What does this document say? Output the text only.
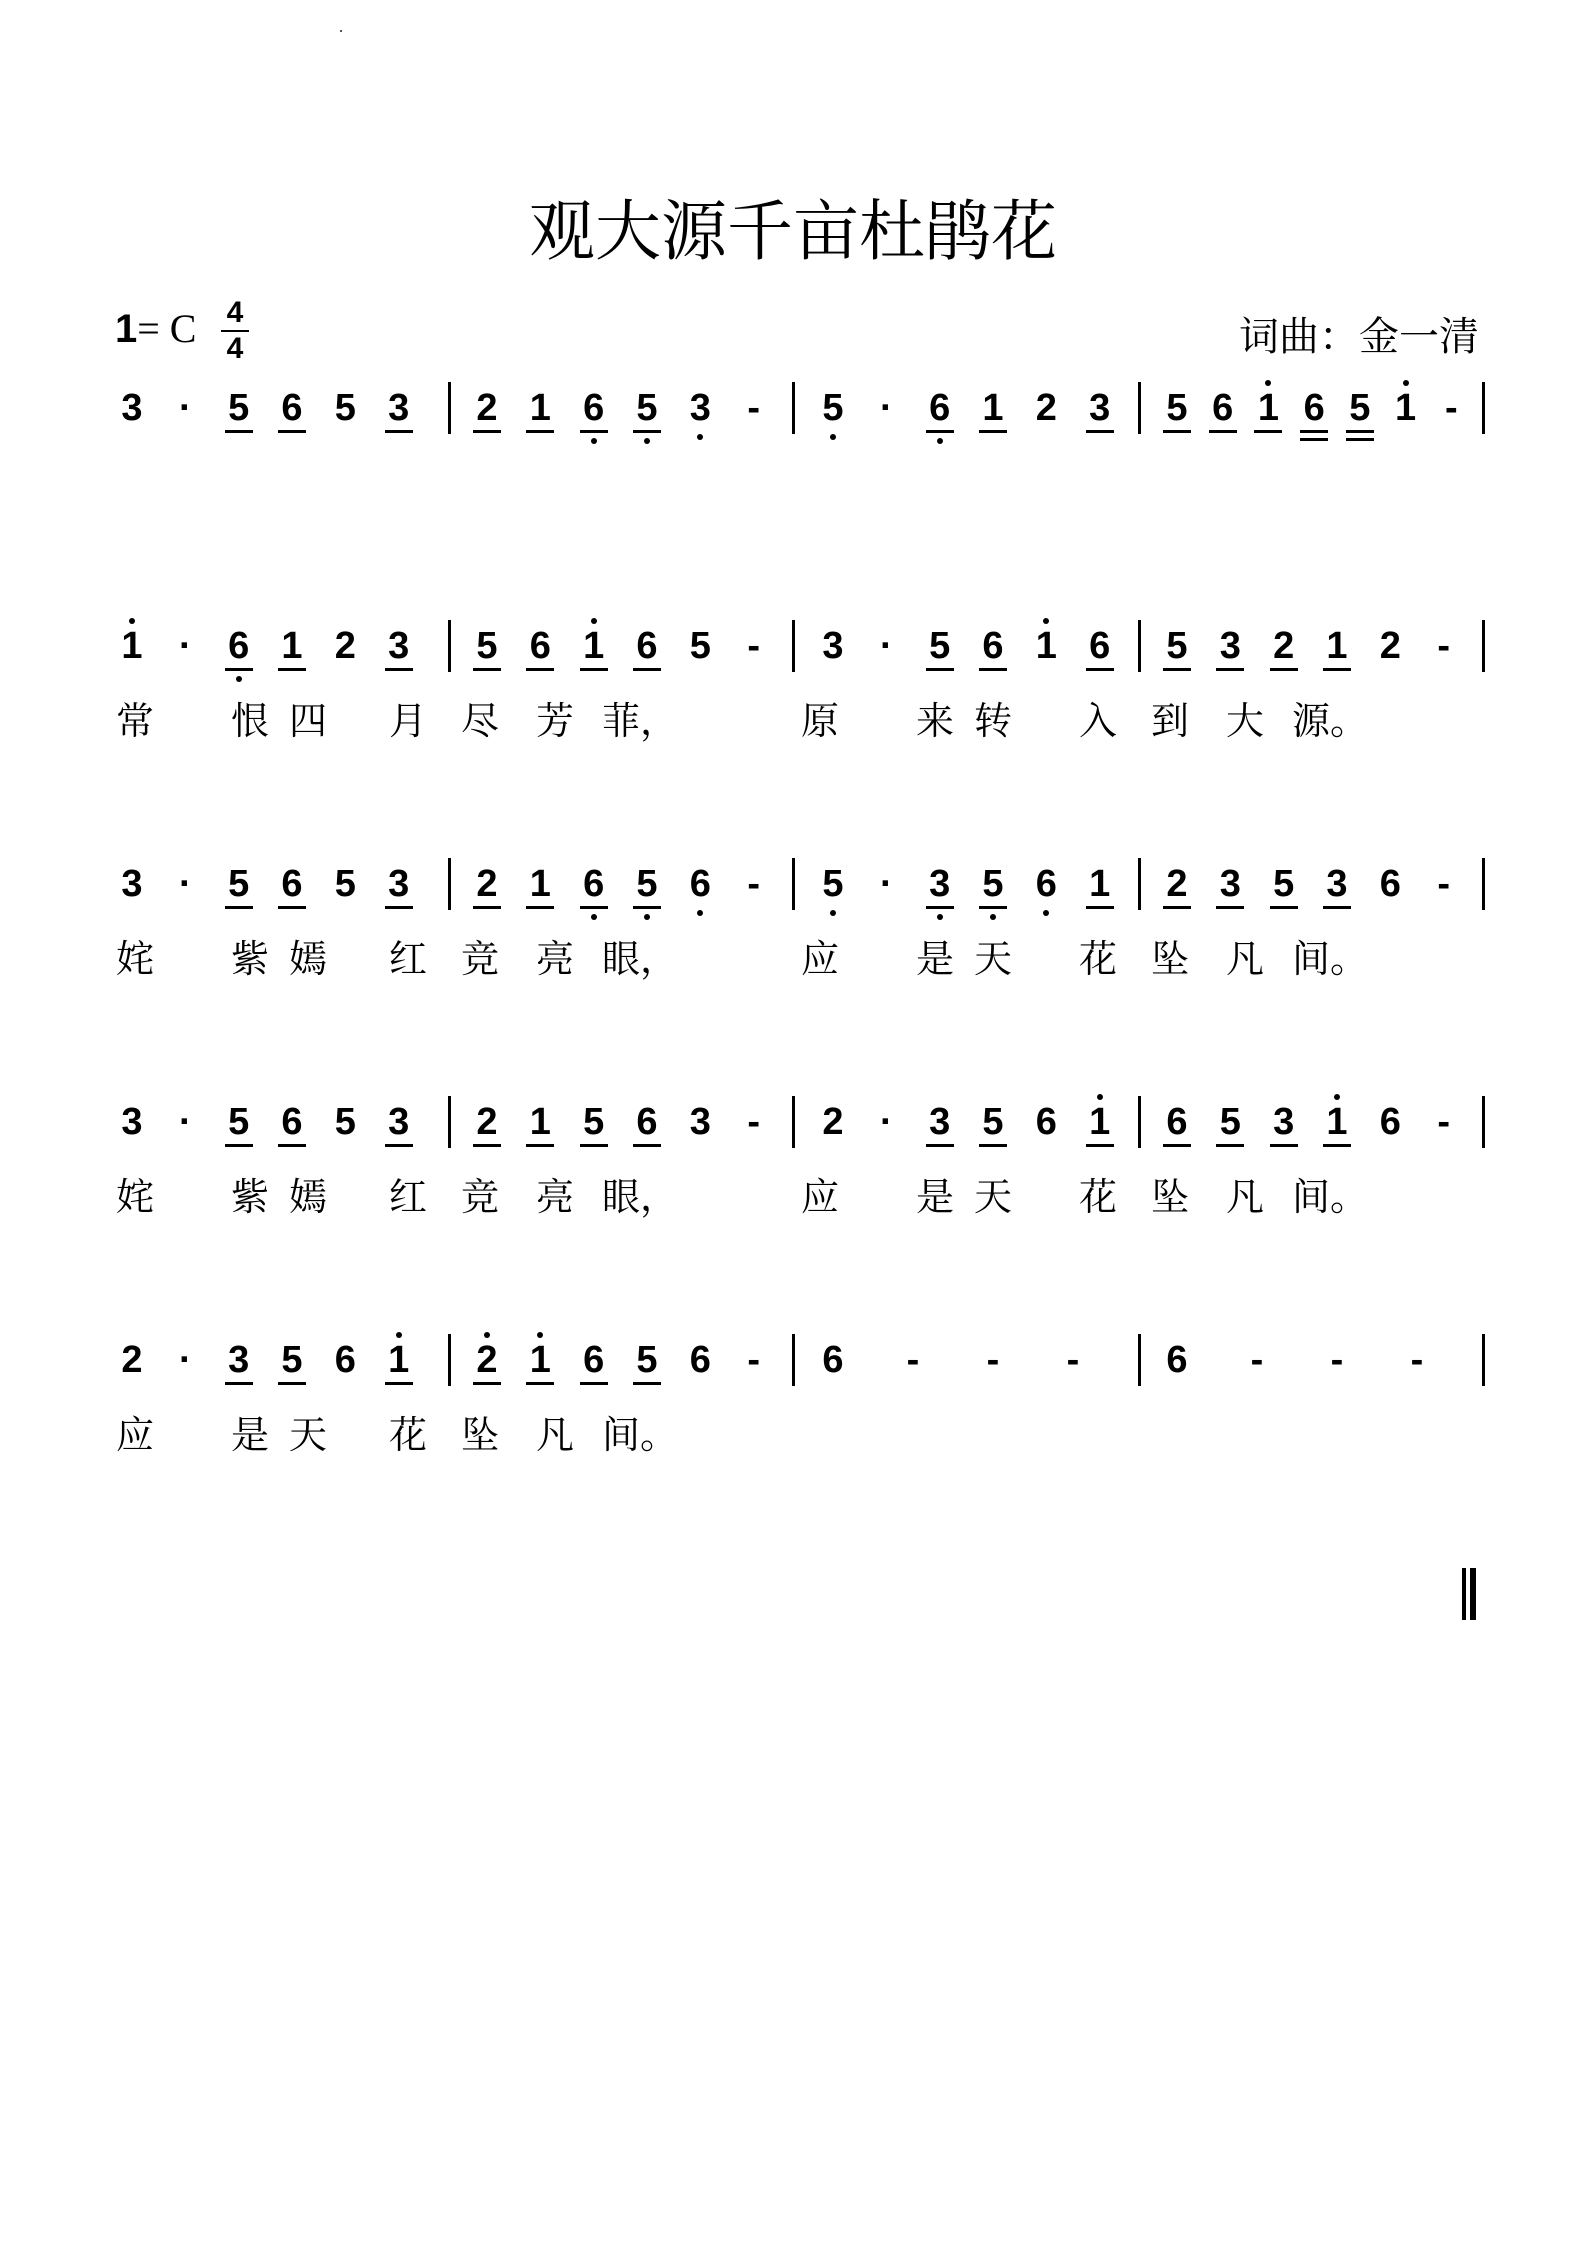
观大源千亩杜鹃花
1= C 4
4	词曲：金一清
3 · 5 6 5 3 2 1 6 5 3 - 5 · 6 1 2 3 5 6 1 6 5 1 -
1 · 6 1 2 3 5 6 1 6 5 - 3 · 5 6 1 6 5 3 2 1 2 -
常 恨 四 月 尽 芳 菲，	原 来 转 入 到 大 源。
3 · 5 6 5 3 2 1 6 5 6 - 5 · 3 5 6 1 2 3 5 3 6 -
姹 紫 嫣 红 竞 亮 眼，	应 是 天 花 坠 凡 间。
3 · 5 6 5 3 2 1 5 6 3 - 2 · 3 5 6 1 6 5 3 1 6 -
姹 紫 嫣 红 竞 亮 眼，	应 是 天 花 坠 凡 间。
2 · 3 5 6 1 2 1 6 5 6 - 6 - - - 6 - - -
应 是 天 花 坠 凡 间。
